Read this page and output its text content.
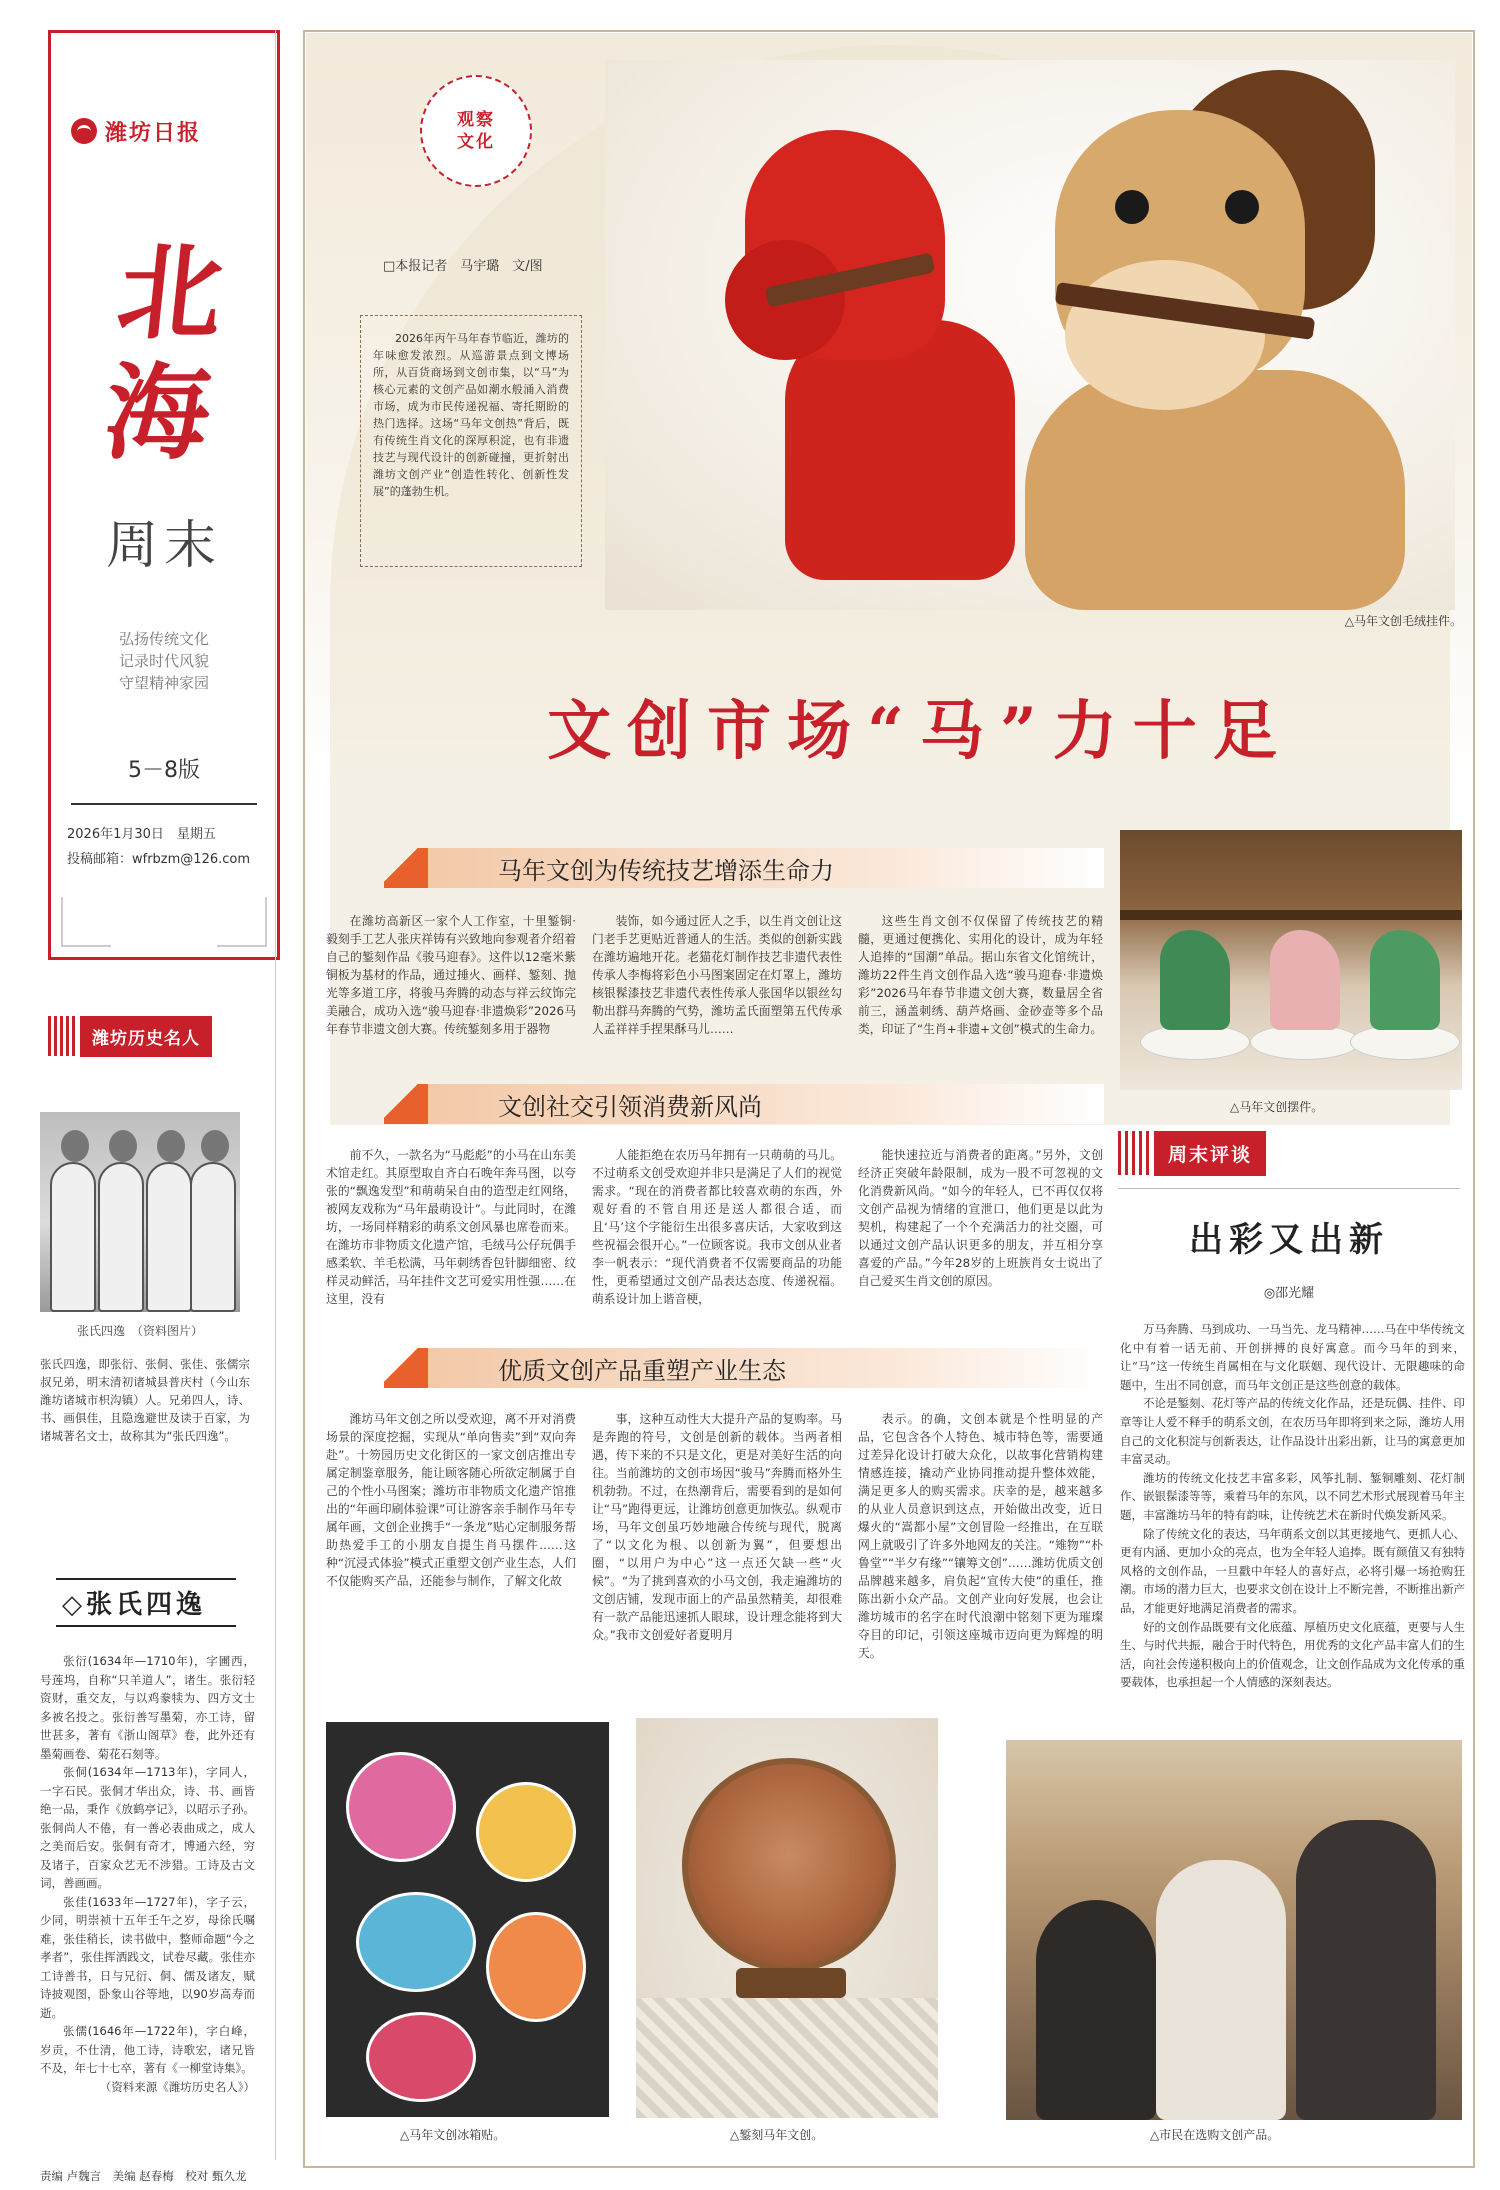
潍坊日报
北海
周末
弘扬传统文化
记录时代风貌
守望精神家园
5－8版
2026年1月30日　星期五
投稿邮箱：wfrbzm@126.com
潍坊历史名人
张氏四逸　（资料图片）
张氏四逸，即张衍、张侗、张佳、张儒宗叔兄弟，明末清初诸城县普庆村（今山东潍坊诸城市枳沟镇）人。兄弟四人，诗、书、画俱佳，且隐逸避世及读于百家，为诸城著名文士，故称其为“张氏四逸”。
◇张氏四逸

张衍(1634年—1710年)，字圃西，号莲坞，自称“只羊道人”，诸生。张衍轻资财，重交友，与以鸡豢犊为、四方文士多被名投之。张衍善写墨菊，亦工诗，留世甚多，著有《浙山阁草》卷，此外还有墨菊画卷、菊花石刻等。

张侗(1634年—1713年)，字同人，一字石民。张侗才华出众，诗、书、画皆绝一品，秉作《放鹤亭记》，以昭示子孙。张侗尚人不倦，有一善必表曲成之，成人之美而后安。张侗有奇才，博通六经，穷及诸子，百家众艺无不涉猎。工诗及古文词，善画画。

张佳(1633年—1727年)，字子云，少同，明崇祯十五年壬午之岁，母徐氏嘱难，张佳稍长，读书做中，整师命题“今之孝者”，张佳挥洒践文，试卷尽藏。张佳亦工诗善书，日与兄衍、侗、儒及诸友，赋诗披观图，卧象山谷等地，以90岁高寿而逝。

张儒(1646年—1722年)，字白峰，岁贡，不仕清，他工诗，诗歌宏，诸兄皆不及，年七十七卒，著有《一柳堂诗集》。

（资料来源《潍坊历史名人》）
责编 卢魏言　美编 赵春梅　校对 甄久龙
观察 文化
□本报记者　马宇璐　文/图
2026年丙午马年春节临近，潍坊的年味愈发浓烈。从巡游景点到文博场所，从百货商场到文创市集，以“马”为核心元素的文创产品如潮水般涌入消费市场，成为市民传递祝福、寄托期盼的热门选择。这场“马年文创热”背后，既有传统生肖文化的深厚积淀，也有非遗技艺与现代设计的创新碰撞，更折射出潍坊文创产业“创造性转化、创新性发展”的蓬勃生机。
△马年文创毛绒挂件。
文创市场“马”力十足
马年文创为传统技艺增添生命力

在潍坊高新区一家个人工作室，十里錾铜·毅刻手工艺人张庆祥铸有兴致地向参观者介绍着自己的錾刻作品《骏马迎春》。这件以12毫米紫铜板为基材的作品，通过捶火、画样、錾刻、抛光等多道工序，将骏马奔腾的动态与祥云纹饰完美融合，成功入选“骏马迎春·非遗焕彩”2026马年春节非遗文创大赛。传统錾刻多用于器物

装饰，如今通过匠人之手，以生肖文创让这门老手艺更贴近普通人的生活。类似的创新实践在潍坊遍地开花。老猫花灯制作技艺非遗代表性传承人李梅将彩色小马图案固定在灯罩上，潍坊核银髹漆技艺非遗代表性传承人张国华以银丝勾勒出群马奔腾的气势，潍坊孟氏面塑第五代传承人孟祥祥手捏果酥马儿……

这些生肖文创不仅保留了传统技艺的精髓，更通过便携化、实用化的设计，成为年轻人追捧的“国潮”单品。据山东省文化馆统计，潍坊22件生肖文创作品入选“骏马迎春·非遗焕彩”2026马年春节非遗文创大赛，数量居全省前三，涵盖刺绣、葫芦烙画、金砂壶等多个品类，印证了“生肖+非遗+文创”模式的生命力。

△马年文创摆件。
文创社交引领消费新风尚

前不久，一款名为“马彪彪”的小马在山东美术馆走红。其原型取自齐白石晚年奔马图，以夸张的“飘逸发型”和萌萌呆自由的造型走红网络，被网友戏称为“马年最萌设计”。与此同时，在潍坊，一场同样精彩的萌系文创风暴也席卷而来。在潍坊市非物质文化遗产馆，毛绒马公仔玩偶手感柔软、羊毛松满，马年刺绣香包针脚细密、纹样灵动鲜活，马年挂件文艺可爱实用性强……在这里，没有

人能拒绝在农历马年拥有一只萌萌的马儿。不过萌系文创受欢迎并非只是满足了人们的视觉需求。“现在的消费者都比较喜欢萌的东西，外观好看的不管自用还是送人都很合适，而且‘马’这个字能衍生出很多喜庆话，大家收到这些祝福会很开心。”一位顾客说。我市文创从业者李一帆表示：“现代消费者不仅需要商品的功能性，更希望通过文创产品表达态度、传递祝福。萌系设计加上谐音梗，

能快速拉近与消费者的距离。”另外，文创经济正突破年龄限制，成为一股不可忽视的文化消费新风尚。“如今的年轻人，已不再仅仅将文创产品视为情绪的宣泄口，他们更是以此为契机，构建起了一个个充满活力的社交圈，可以通过文创产品认识更多的朋友，并互相分享喜爱的产品。”今年28岁的上班族肖女士说出了自己爱买生肖文创的原因。

周末评谈
出彩又出新
◎邵光耀

万马奔腾、马到成功、一马当先、龙马精神……马在中华传统文化中有着一话无前、开创拼搏的良好寓意。而今马年的到来，让“马”这一传统生肖属相在与文化联姻、现代设计、无限趣味的命题中，生出不同创意，而马年文创正是这些创意的载体。

不论是錾刻、花灯等产品的传统文化作品，还是玩偶、挂件、印章等让人爱不释手的萌系文创，在农历马年即将到来之际，潍坊人用自己的文化积淀与创新表达，让作品设计出彩出新，让马的寓意更加丰富灵动。

潍坊的传统文化技艺丰富多彩，风筝扎制、錾铜雕刻、花灯制作、嵌银髹漆等等，乘着马年的东风，以不同艺术形式展现着马年主题，丰富潍坊马年的特有韵味，让传统艺术在新时代焕发新风采。

除了传统文化的表达，马年萌系文创以其更接地气、更抓人心、更有内涵、更加小众的亮点，也为全年轻人追捧。既有颜值又有独特风格的文创作品，一旦戳中年轻人的喜好点，必将引爆一场抢购狂潮。市场的潜力巨大，也要求文创在设计上不断完善，不断推出新产品，才能更好地满足消费者的需求。

好的文创作品既要有文化底蕴、厚植历史文化底蕴，更要与人生生、与时代共振，融合于时代特色，用优秀的文化产品丰富人们的生活，向社会传递积极向上的价值观念，让文创作品成为文化传承的重要载体，也承担起一个人情感的深刻表达。

优质文创产品重塑产业生态

潍坊马年文创之所以受欢迎，离不开对消费场景的深度挖掘，实现从“单向售卖”到“双向奔赴”。十笏园历史文化街区的一家文创店推出专属定制鉴章服务，能让顾客随心所欲定制属于自己的个性小马图案；潍坊市非物质文化遗产馆推出的“年画印刷体验课”可让游客亲手制作马年专属年画，文创企业携手“一条龙”贴心定制服务帮助热爱手工的小朋友自提生肖马摆件……这种“沉浸式体验”模式正重塑文创产业生态，人们不仅能购买产品，还能参与制作，了解文化故

事，这种互动性大大提升产品的复购率。马是奔跑的符号，文创是创新的载体。当两者相遇，传下来的不只是文化，更是对美好生活的向往。当前潍坊的文创市场因“骏马”奔腾而格外生机勃勃。不过，在热潮背后，需要看到的是如何让“马”跑得更远，让潍坊创意更加恢弘。纵观市场，马年文创虽巧妙地融合传统与现代，脱离了“以文化为根、以创新为翼”，但要想出圈，“以用户为中心”这一点还欠缺一些“火候”。“为了挑到喜欢的小马文创，我走遍潍坊的文创店铺，发现市面上的产品虽然精美，却很难有一款产品能迅速抓人眼球，设计理念能将到大众。”我市文创爱好者夏明月

表示。的确，文创本就是个性明显的产品，它包含各个人特色、城市特色等，需要通过差异化设计打破大众化，以故事化营销构建情感连接，撬动产业协同推动提升整体效能，满足更多人的购买需求。庆幸的是，越来越多的从业人员意识到这点，开始做出改变，近日爆火的“嵩都小屋”文创冒险一经推出，在互联网上就吸引了许多外地网友的关注。“雉物”“朴鲁堂”“半夕有缘”“镶筹文创”……潍坊优质文创品牌越来越多，肩负起“宣传大使”的重任，推陈出新小众产品。文创产业向好发展，也会让潍坊城市的名字在时代浪潮中铭刻下更为璀璨夺目的印记，引领这座城市迈向更为辉煌的明天。

△马年文创冰箱贴。	△錾刻马年文创。	△市民在选购文创产品。
